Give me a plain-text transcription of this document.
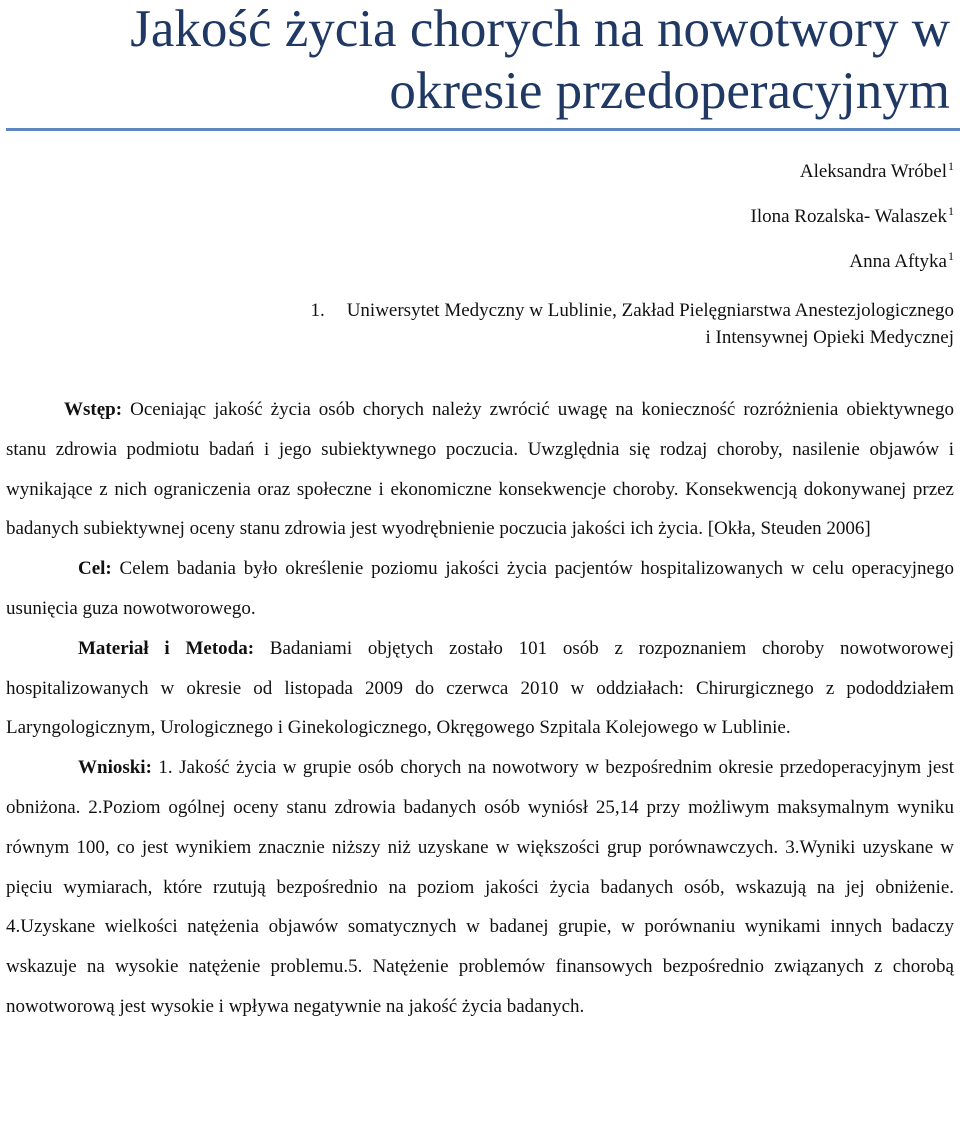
Jakość życia chorych na nowotwory w okresie przedoperacyjnym
Aleksandra Wróbel$^1$
Ilona Rozalska- Walaszek$^1$
Anna Aftyka$^1$
1. Uniwersytet Medyczny w Lublinie, Zakład Pielęgniarstwa Anestezjologicznego
i Intensywnej Opieki Medycznej

Wstęp: Oceniając jakość życia osób chorych należy zwrócić uwagę na konieczność rozróżnienia obiektywnego stanu zdrowia podmiotu badań i jego subiektywnego poczucia. Uwzględnia się rodzaj choroby, nasilenie objawów i wynikające z nich ograniczenia oraz społeczne i ekonomiczne konsekwencje choroby. Konsekwencją dokonywanej przez badanych subiektywnej oceny stanu zdrowia jest wyodrębnienie poczucia jakości ich życia. [Okła, Steuden 2006]

Cel: Celem badania było określenie poziomu jakości życia pacjentów hospitalizowanych w celu operacyjnego usunięcia guza nowotworowego.

Materiał i Metoda: Badaniami objętych zostało 101 osób z rozpoznaniem choroby nowotworowej hospitalizowanych w okresie od listopada 2009 do czerwca 2010 w oddziałach: Chirurgicznego z pododdziałem Laryngologicznym, Urologicznego i Ginekologicznego, Okręgowego Szpitala Kolejowego w Lublinie.

Wnioski: 1. Jakość życia w grupie osób chorych na nowotwory w bezpośrednim okresie przedoperacyjnym jest obniżona. 2.Poziom ogólnej oceny stanu zdrowia badanych osób wyniósł 25,14 przy możliwym maksymalnym wyniku równym 100, co jest wynikiem znacznie niższy niż uzyskane w większości grup porównawczych. 3.Wyniki uzyskane w pięciu wymiarach, które rzutują bezpośrednio na poziom jakości życia badanych osób, wskazują na jej obniżenie. 4.Uzyskane wielkości natężenia objawów somatycznych w badanej grupie, w porównaniu wynikami innych badaczy wskazuje na wysokie natężenie problemu.5. Natężenie problemów finansowych bezpośrednio związanych z chorobą nowotworową jest wysokie i wpływa negatywnie na jakość życia badanych.
